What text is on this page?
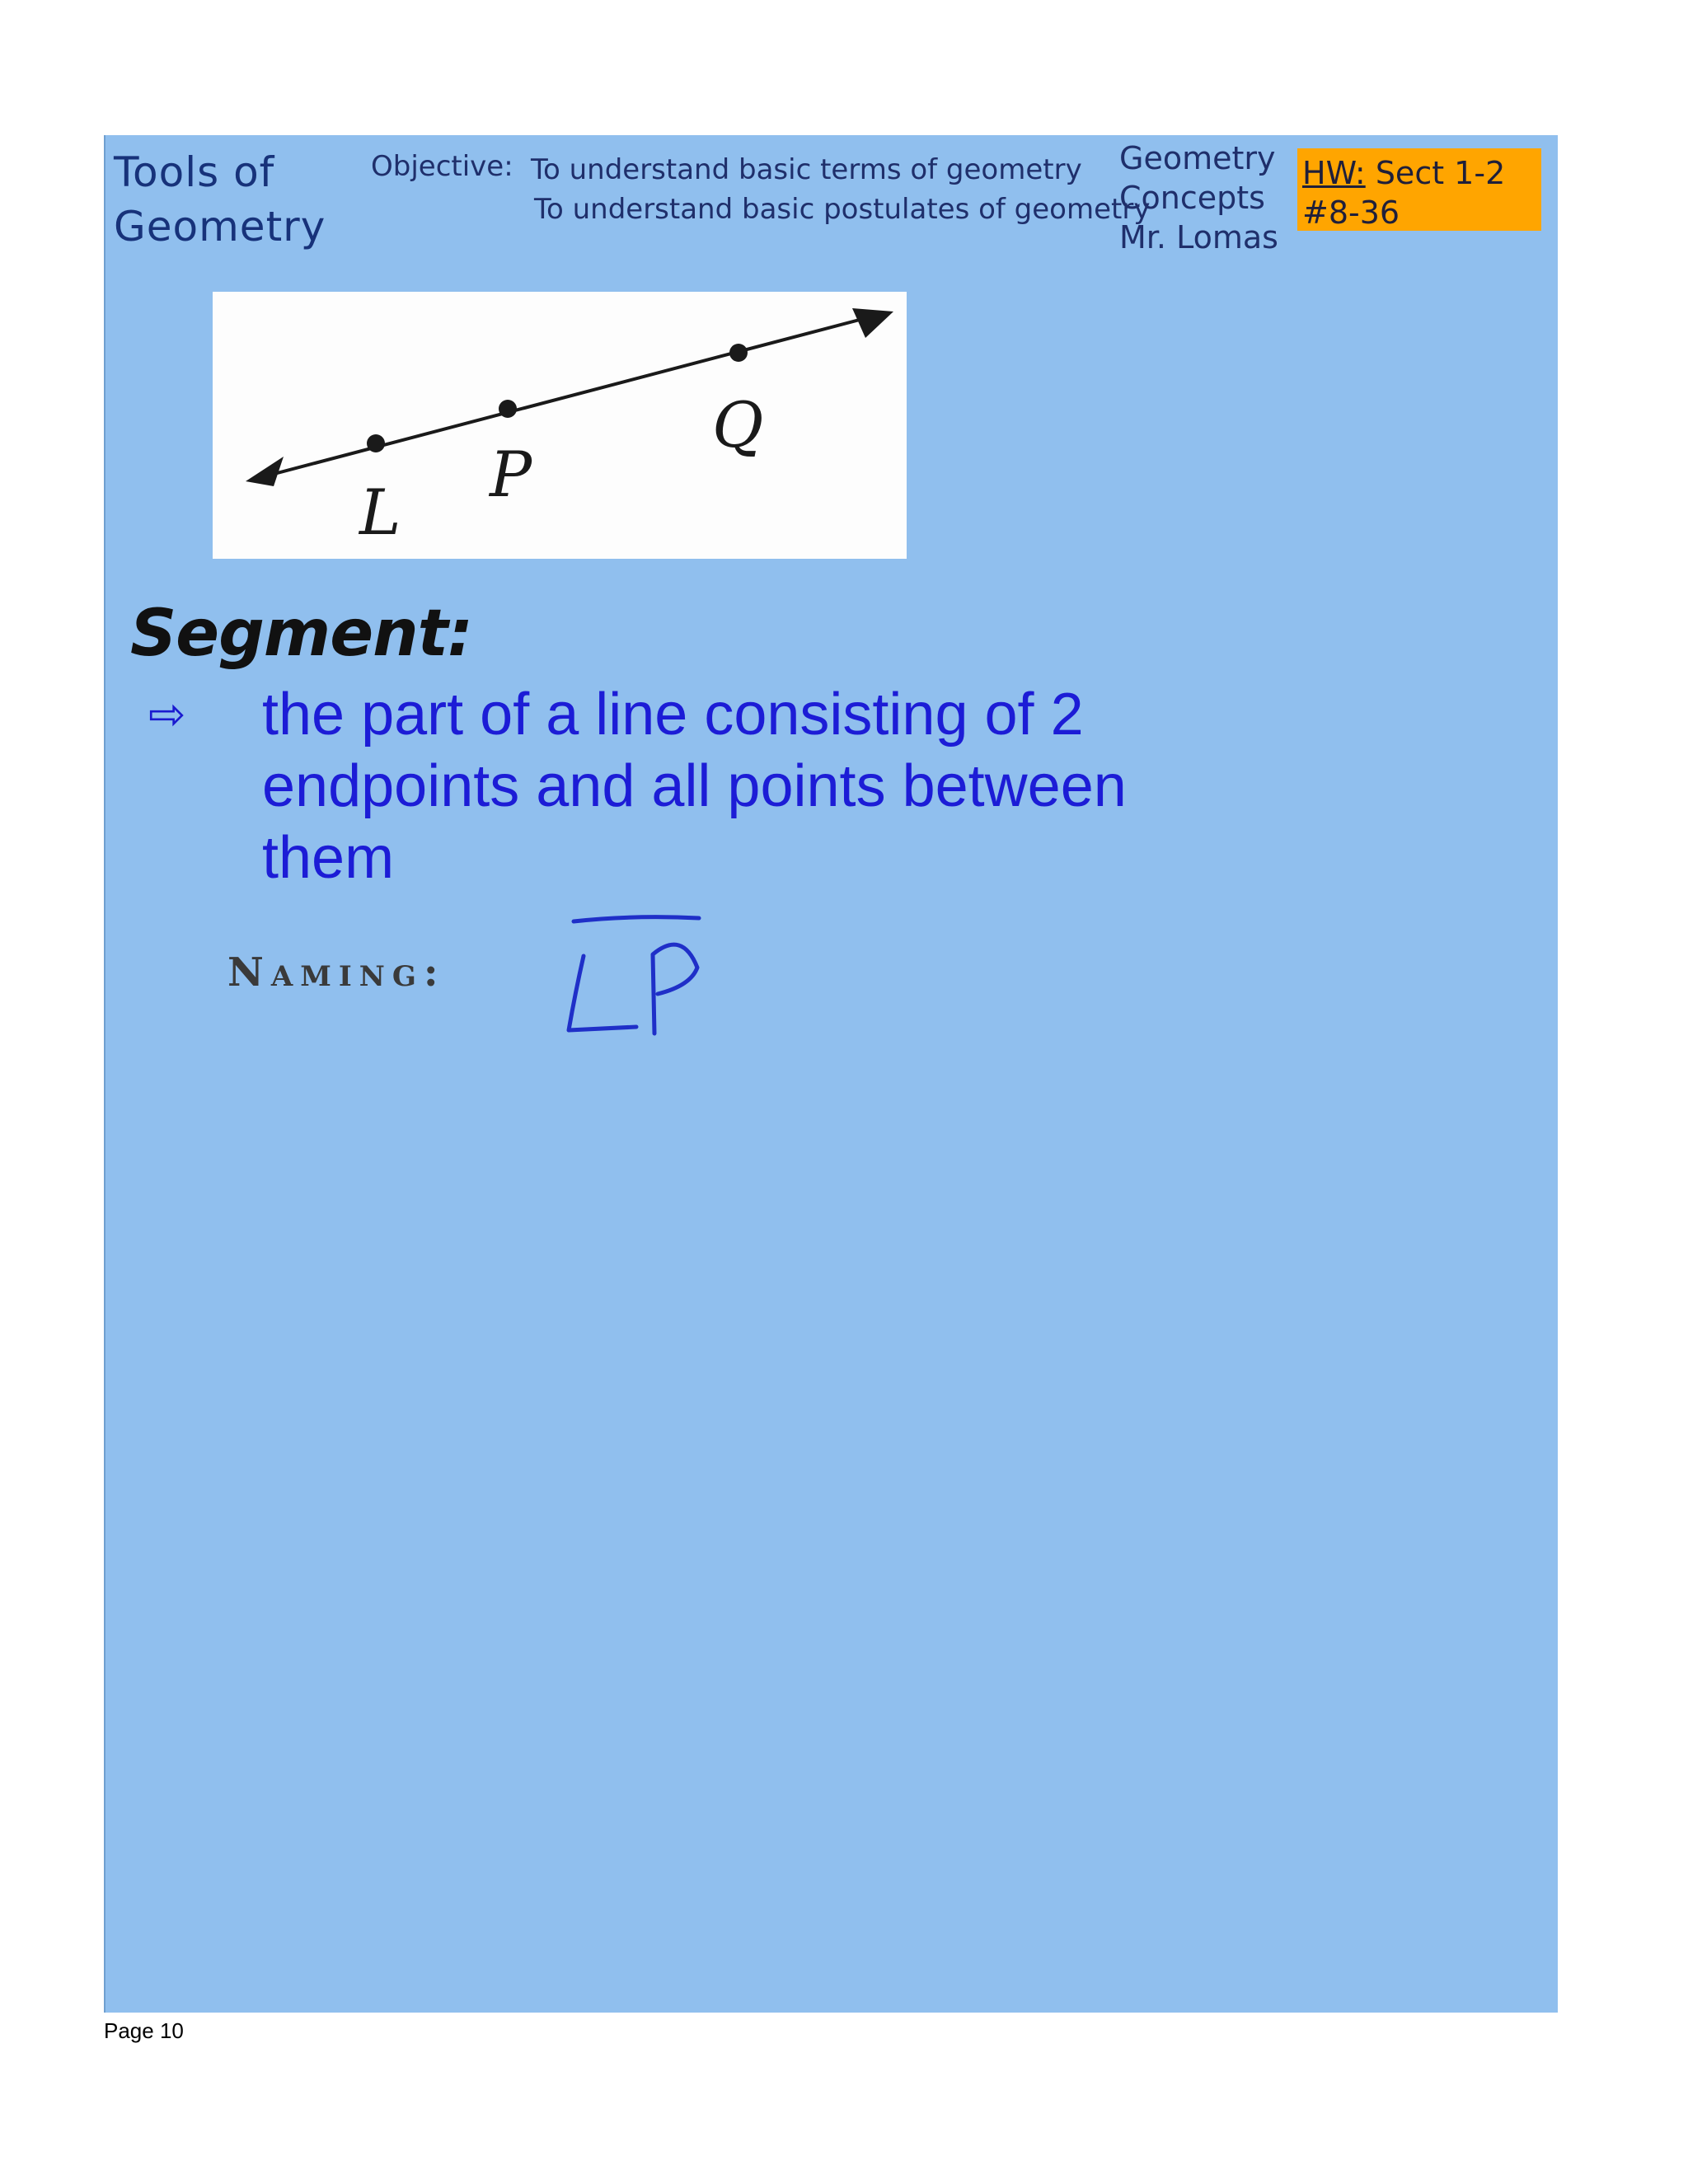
Tools of Geometry
Objective: To understand basic terms of geometry
To understand basic postulates of geometry
Geometry
Concepts
Mr. Lomas
HW: Sect 1-2
#8-36
L
P
Q
Segment:
⇨ the part of a line consisting of 2 endpoints and all points between them
Naming:
Page 10
